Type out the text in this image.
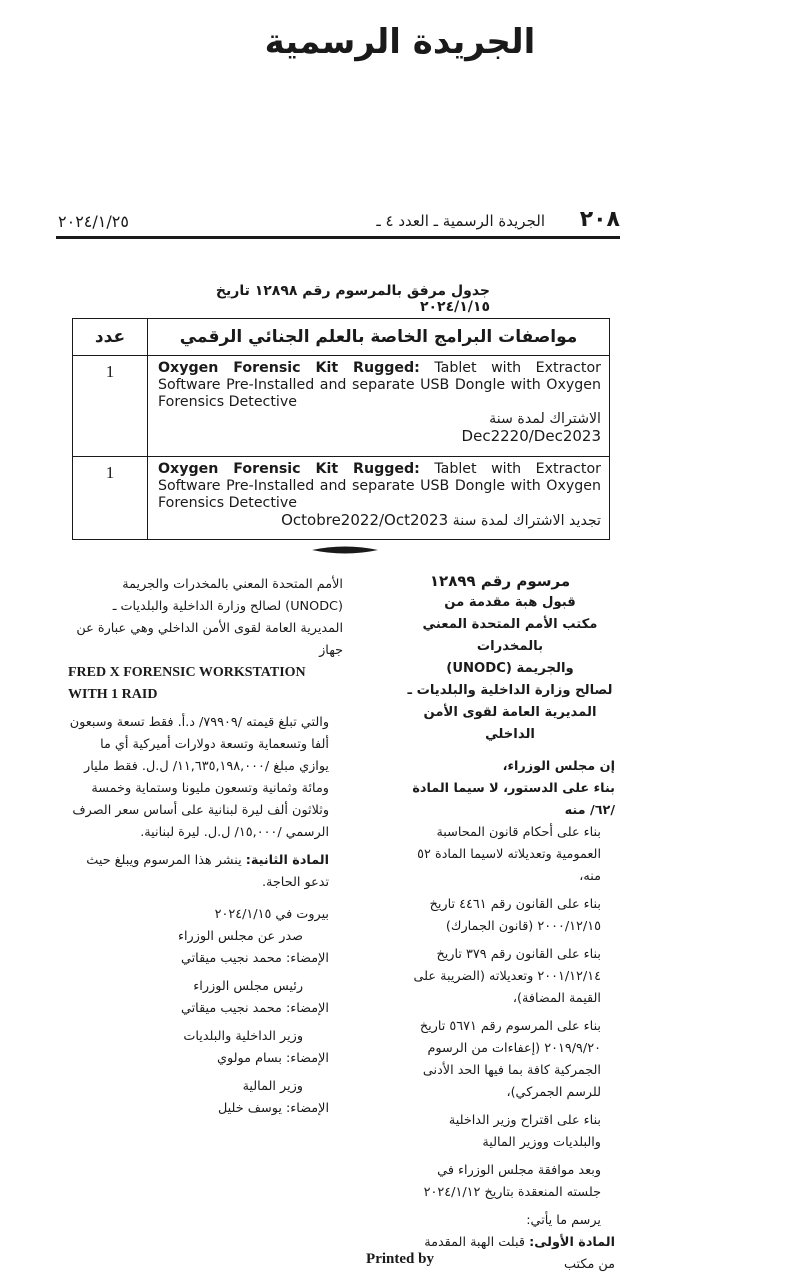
الجريدة الرسمية
٢٠٨
الجريدة الرسمية ـ العدد ٤ ـ
٢٠٢٤/١/٢٥
جدول مرفق بالمرسوم رقم ١٢٨٩٨ تاريخ ٢٠٢٤/١/١٥
عدد	مواصفات البرامج الخاصة بالعلم الجنائي الرقمي
1	Oxygen Forensic Kit Rugged: Tablet with Extractor Software Pre-Installed and separate USB Dongle with Oxygen Forensics Detective
الاشتراك لمدة سنة
Dec2220/Dec2023

1	Oxygen Forensic Kit Rugged: Tablet with Extractor Software Pre-Installed and separate USB Dongle with Oxygen Forensics Detective
تجديد الاشتراك لمدة سنة Octobre2022/Oct2023
مرسوم رقم ١٢٨٩٩
قبول هبة مقدمة من
مكتب الأمم المتحدة المعني بالمخدرات
والجريمة (UNODC)
لصالح وزارة الداخلية والبلديات ـ
المديرية العامة لقوى الأمن الداخلي
إن مجلس الوزراء،
بناء على الدستور، لا سيما المادة /٦٢/ منه
بناء على أحكام قانون المحاسبة العمومية وتعديلاته لاسيما المادة ٥٢ منه،
بناء على القانون رقم ٤٤٦١ تاريخ ٢٠٠٠/١٢/١٥ (قانون الجمارك)
بناء على القانون رقم ٣٧٩ تاريخ ٢٠٠١/١٢/١٤ وتعديلاته (الضريبة على القيمة المضافة)،
بناء على المرسوم رقم ٥٦٧١ تاريخ ٢٠١٩/٩/٢٠ (إعفاءات من الرسوم الجمركية كافة بما فيها الحد الأدنى للرسم الجمركي)،
بناء على اقتراح وزير الداخلية والبلديات ووزير المالية
وبعد موافقة مجلس الوزراء في جلسته المنعقدة بتاريخ ٢٠٢٤/١/١٢
يرسم ما يأتي:
المادة الأولى: قبلت الهبة المقدمة من مكتب
الأمم المتحدة المعني بالمخدرات والجريمة (UNODC) لصالح وزارة الداخلية والبلديات ـ المديرية العامة لقوى الأمن الداخلي وهي عبارة عن جهاز
FRED X FORENSIC WORKSTATION WITH 1 RAID
والتي تبلغ قيمته /٧٩٩٠٩/ د.أ. فقط تسعة وسبعون ألفا وتسعماية وتسعة دولارات أميركية أي ما يوازي مبلغ /١١,٦٣٥,١٩٨,٠٠٠/ ل.ل. فقط مليار ومائة وثمانية وتسعون مليونا وستماية وخمسة وثلاثون ألف ليرة لبنانية على أساس سعر الصرف الرسمي /١٥,٠٠٠/ ل.ل. ليرة لبنانية.
المادة الثانية: ينشر هذا المرسوم ويبلغ حيث تدعو الحاجة.
بيروت في ٢٠٢٤/١/١٥
صدر عن مجلس الوزراء
الإمضاء: محمد نجيب ميقاتي
رئيس مجلس الوزراء
الإمضاء: محمد نجيب ميقاتي
وزير الداخلية والبلديات
الإمضاء: بسام مولوي
وزير المالية
الإمضاء: يوسف خليل
Printed by
